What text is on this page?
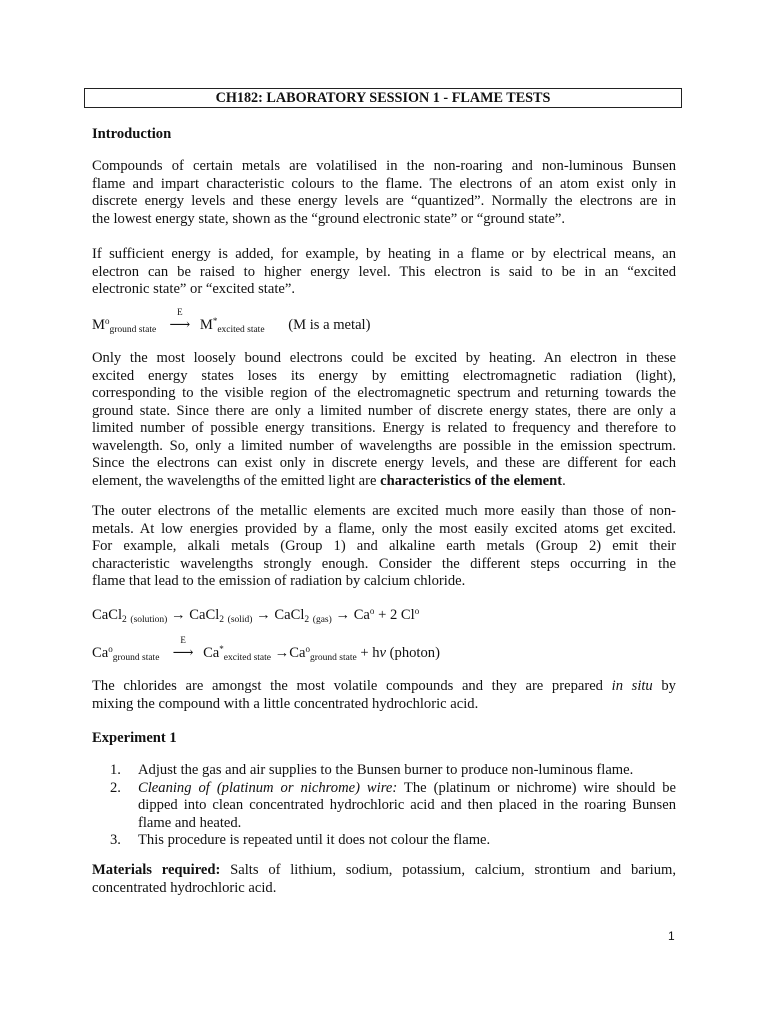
CH182: LABORATORY SESSION 1 - FLAME TESTS
Introduction
Compounds of certain metals are volatilised in the non-roaring and non-luminous Bunsen
flame and impart characteristic colours to the flame. The electrons of an atom exist only in
discrete energy levels and these energy levels are “quantized”. Normally the electrons are in
the lowest energy state, shown as the “ground electronic state” or “ground state”.
If sufficient energy is added, for example, by heating in a flame or by electrical means, an
electron can be raised to higher energy level. This electron is said to be in an “excited
electronic state” or “excited state”.
$M^o_{ground state}$
E
⟶ $M^*_{excited state}$ (M is a metal)
Only the most loosely bound electrons could be excited by heating. An electron in these
excited energy states loses its energy by emitting electromagnetic radiation (light),
corresponding to the visible region of the electromagnetic spectrum and returning towards the
ground state. Since there are only a limited number of discrete energy states, there are only a
limited number of possible energy transitions. Energy is related to frequency and therefore to
wavelength. So, only a limited number of wavelengths are possible in the emission spectrum.
Since the electrons can exist only in discrete energy levels, and these are different for each
element, the wavelengths of the emitted light are characteristics of the element.
The outer electrons of the metallic elements are excited much more easily than those of non-
metals. At low energies provided by a flame, only the most easily excited atoms get excited.
For example, alkali metals (Group 1) and alkaline earth metals (Group 2) emit their
characteristic wavelengths strongly enough. Consider the different steps occurring in the
flame that lead to the emission of radiation by calcium chloride.
CaCl$_2$ $_{(solution)}$ → CaCl$_2$ $_{(solid)}$ → CaCl$_2$ $_{(gas)} \to Ca^o + 2$ Cl$^o$
$Ca^o_{ground state}$
E
⟶ $Ca^*_{excited state} \to Ca^o_{ground state} + h\nu$ (photon)
The chlorides are amongst the most volatile compounds and they are prepared in situ by
mixing the compound with a little concentrated hydrochloric acid.
Experiment 1
1. Adjust the gas and air supplies to the Bunsen burner to produce non-luminous flame.
2. Cleaning of (platinum or nichrome) wire: The (platinum or nichrome) wire should be dipped into clean concentrated hydrochloric acid and then placed in the roaring Bunsen flame and heated.
3. This procedure is repeated until it does not colour the flame.
Materials required: Salts of lithium, sodium, potassium, calcium, strontium and barium,
concentrated hydrochloric acid.
1
